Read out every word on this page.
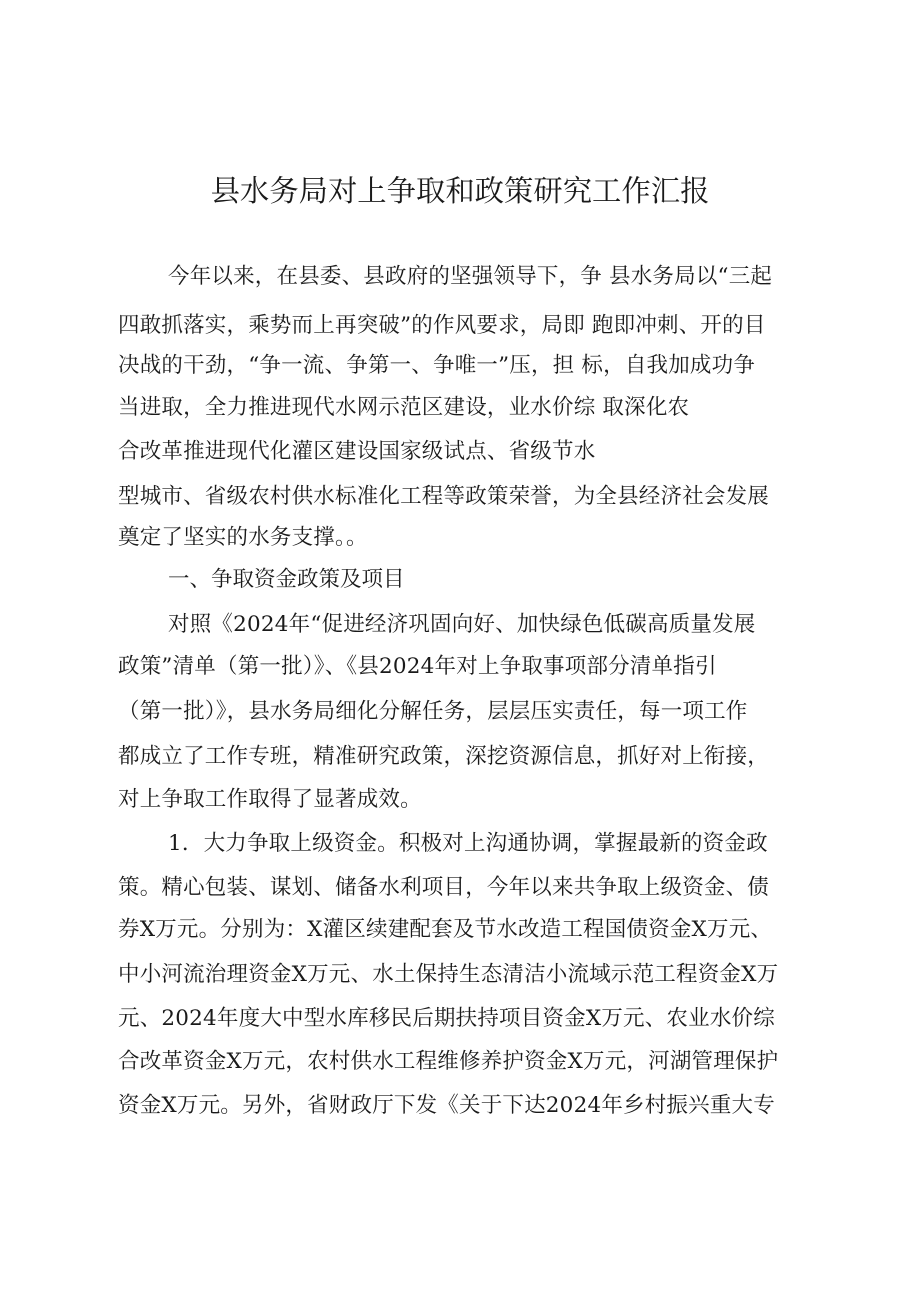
县水务局对上争取和政策研究工作汇报
今年以来，在县委、县政府的坚强领导下，争 县水务局以“三起
四敢抓落实，乘势而上再突破”的作风要求，局即 跑即冲刺、开的目
决战的干劲，“争一流、争第一、争唯一”压，担 标，自我加成功争
当进取，全力推进现代水网示范区建设，业水价综 取深化农
合改革推进现代化灌区建设国家级试点、省级节水
型城市、省级农村供水标准化工程等政策荣誉，为全县经济社会发展
奠定了坚实的水务支撑。。
一、争取资金政策及项目
对照《2024年“促进经济巩固向好、加快绿色低碳高质量发展
政策”清单（第一批）》、《县2024年对上争取事项部分清单指引
（第一批）》，县水务局细化分解任务，层层压实责任，每一项工作
都成立了工作专班，精准研究政策，深挖资源信息，抓好对上衔接，
对上争取工作取得了显著成效。
1．大力争取上级资金。积极对上沟通协调，掌握最新的资金政
策。精心包装、谋划、储备水利项目，今年以来共争取上级资金、债
券X万元。分别为：X灌区续建配套及节水改造工程国债资金X万元、
中小河流治理资金X万元、水土保持生态清洁小流域示范工程资金X万
元、2024年度大中型水库移民后期扶持项目资金X万元、农业水价综
合改革资金X万元，农村供水工程维修养护资金X万元，河湖管理保护
资金X万元。另外，省财政厅下发《关于下达2024年乡村振兴重大专
